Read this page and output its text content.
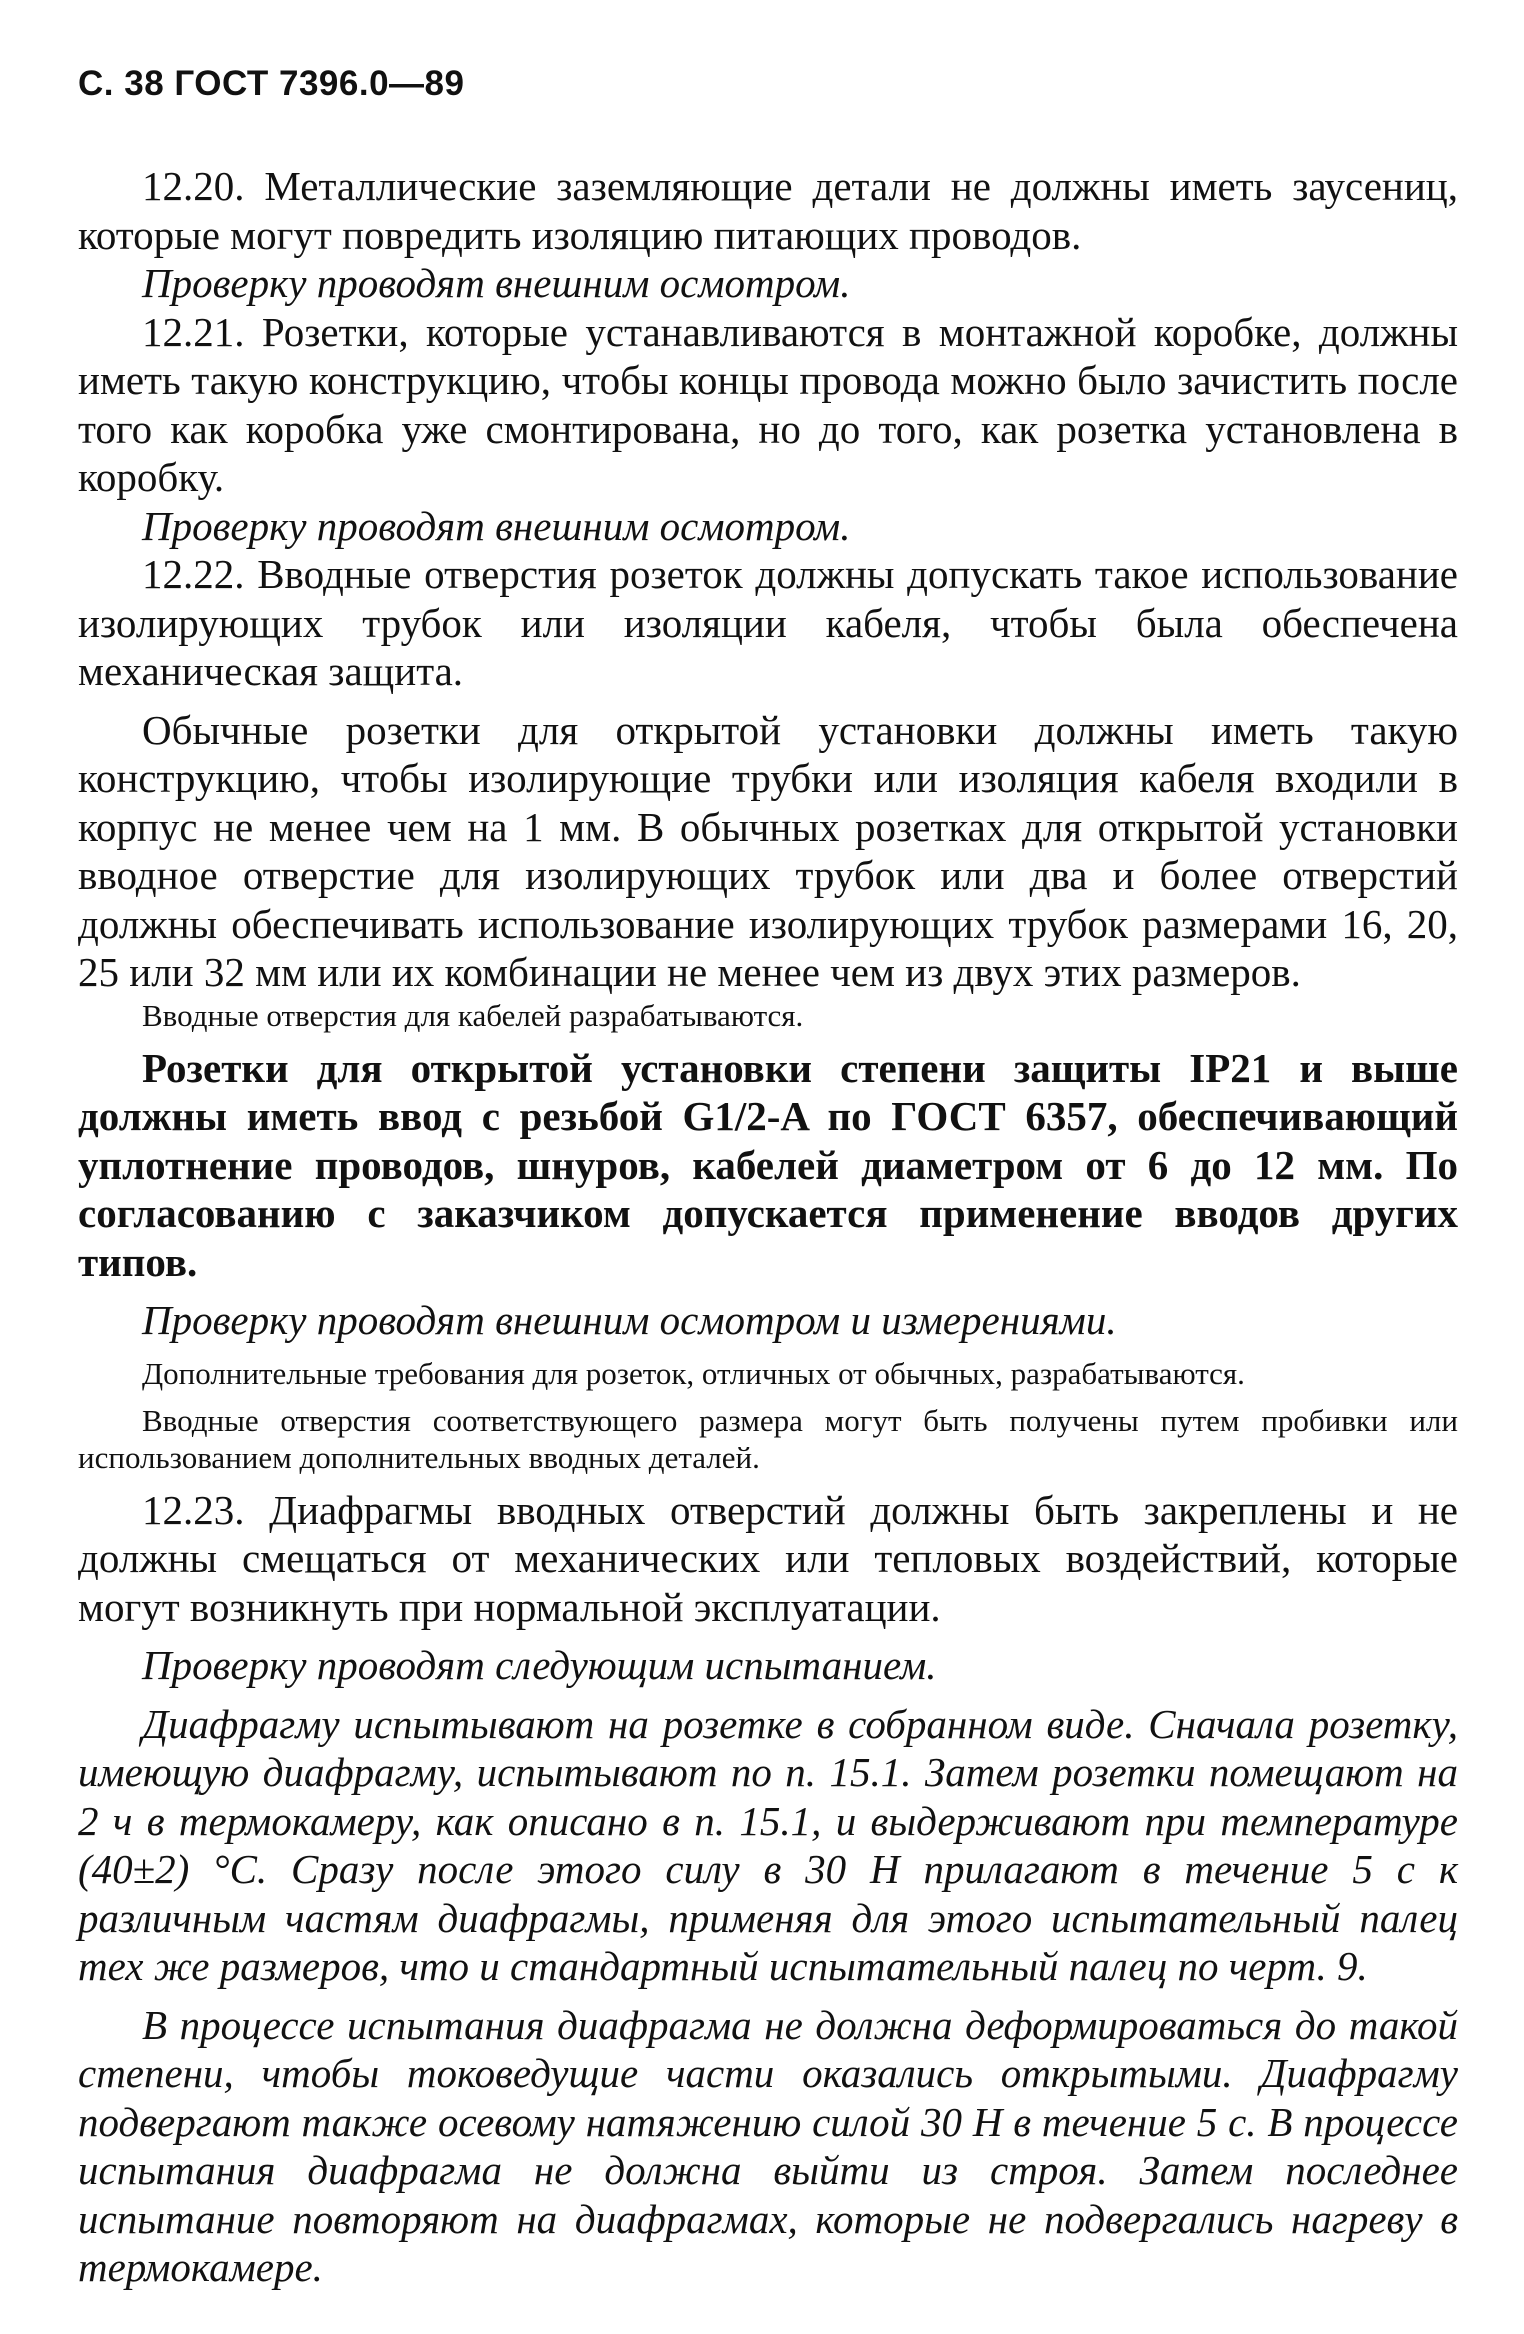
С. 38 ГОСТ 7396.0—89

12.20. Металлические заземляющие детали не должны иметь заусениц, которые могут повредить изоляцию питающих проводов.

Проверку проводят внешним осмотром.

12.21. Розетки, которые устанавливаются в монтажной коробке, должны иметь такую конструкцию, чтобы концы провода можно было зачистить после того как коробка уже смонтирована, но до того, как розетка установлена в коробку.

Проверку проводят внешним осмотром.

12.22. Вводные отверстия розеток должны допускать такое использование изолирующих трубок или изоляции кабеля, чтобы была обеспечена механическая защита.

Обычные розетки для открытой установки должны иметь такую конструкцию, чтобы изолирующие трубки или изоляция кабеля входили в корпус не менее чем на 1 мм. В обычных розетках для открытой установки вводное отверстие для изолирующих трубок или два и более отверстий должны обеспечивать использование изолирующих трубок размерами 16, 20, 25 или 32 мм или их комбинации не менее чем из двух этих размеров.

Вводные отверстия для кабелей разрабатываются.

Розетки для открытой установки степени защиты IP21 и выше должны иметь ввод с резьбой G1/2-A по ГОСТ 6357, обеспечивающий уплотнение проводов, шнуров, кабелей диаметром от 6 до 12 мм. По согласованию с заказчиком допускается применение вводов других типов.

Проверку проводят внешним осмотром и измерениями.

Дополнительные требования для розеток, отличных от обычных, разрабатываются.

Вводные отверстия соответствующего размера могут быть получены путем пробивки или использованием дополнительных вводных деталей.

12.23. Диафрагмы вводных отверстий должны быть закреплены и не должны смещаться от механических или тепловых воздействий, которые могут возникнуть при нормальной эксплуатации.

Проверку проводят следующим испытанием.

Диафрагму испытывают на розетке в собранном виде. Сначала розетку, имеющую диафрагму, испытывают по п. 15.1. Затем розетки помещают на 2 ч в термокамеру, как описано в п. 15.1, и выдерживают при температуре (40±2) °С. Сразу после этого силу в 30 Н прилагают в течение 5 с к различным частям диафрагмы, применяя для этого испытательный палец тех же размеров, что и стандартный испытательный палец по черт. 9.

В процессе испытания диафрагма не должна деформироваться до такой степени, чтобы токоведущие части оказались открытыми. Диафрагму подвергают также осевому натяжению силой 30 Н в течение 5 с. В процессе испытания диафрагма не должна выйти из строя. Затем последнее испытание повторяют на диафрагмах, которые не подвергались нагреву в термокамере.
